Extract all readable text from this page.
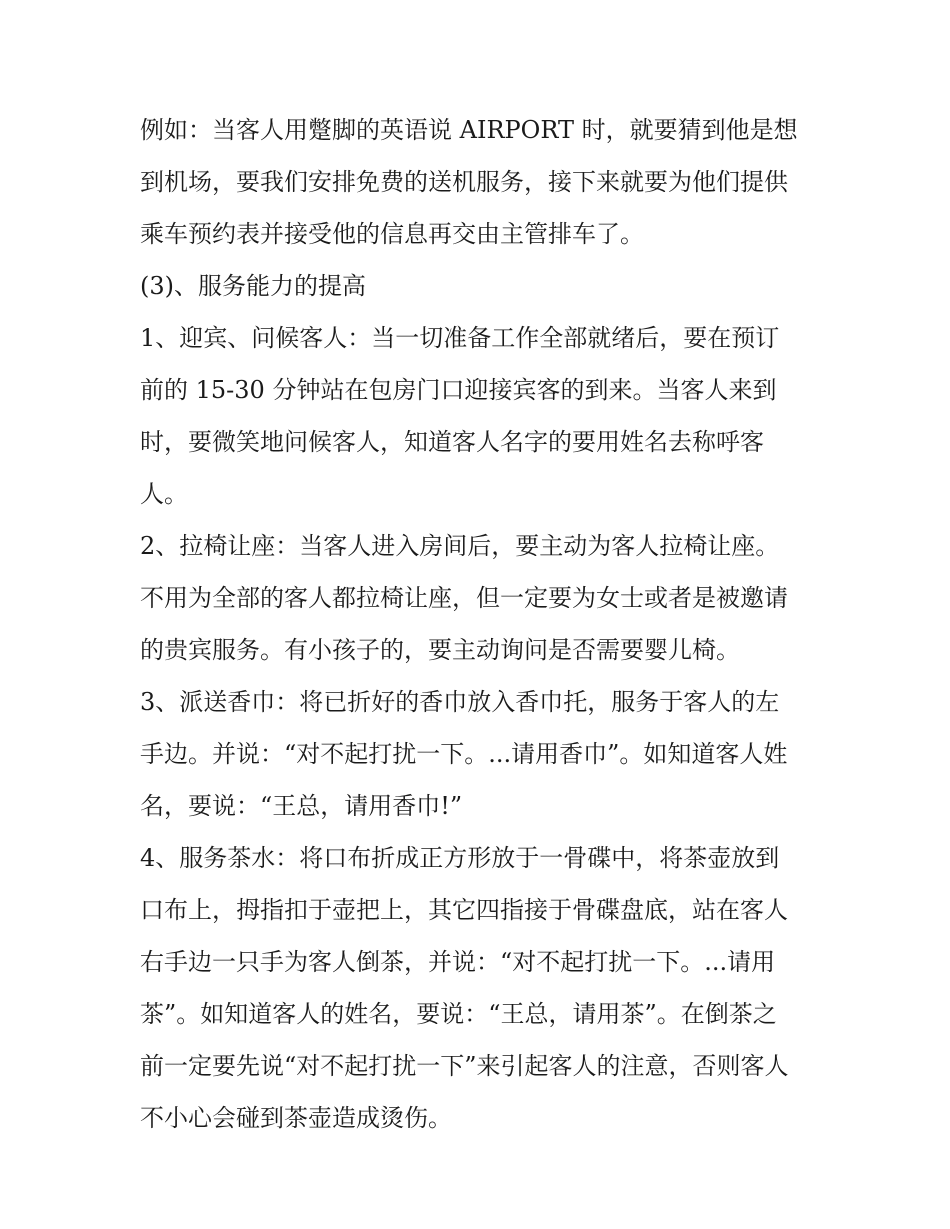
例如：当客人用蹩脚的英语说 AIRPORT 时，就要猜到他是想
到机场，要我们安排免费的送机服务，接下来就要为他们提供
乘车预约表并接受他的信息再交由主管排车了。
(3)、服务能力的提高
1、迎宾、问候客人：当一切准备工作全部就绪后，要在预订
前的 15-30 分钟站在包房门口迎接宾客的到来。当客人来到
时，要微笑地问候客人，知道客人名字的要用姓名去称呼客
人。
2、拉椅让座：当客人进入房间后，要主动为客人拉椅让座。
不用为全部的客人都拉椅让座，但一定要为女士或者是被邀请
的贵宾服务。有小孩子的，要主动询问是否需要婴儿椅。
3、派送香巾：将已折好的香巾放入香巾托，服务于客人的左
手边。并说：“对不起打扰一下。...请用香巾”。如知道客人姓
名，要说：“王总，请用香巾!”
4、服务茶水：将口布折成正方形放于一骨碟中，将茶壶放到
口布上，拇指扣于壶把上，其它四指接于骨碟盘底，站在客人
右手边一只手为客人倒茶，并说：“对不起打扰一下。...请用
茶”。如知道客人的姓名，要说：“王总，请用茶”。在倒茶之
前一定要先说“对不起打扰一下”来引起客人的注意，否则客人
不小心会碰到茶壶造成烫伤。
